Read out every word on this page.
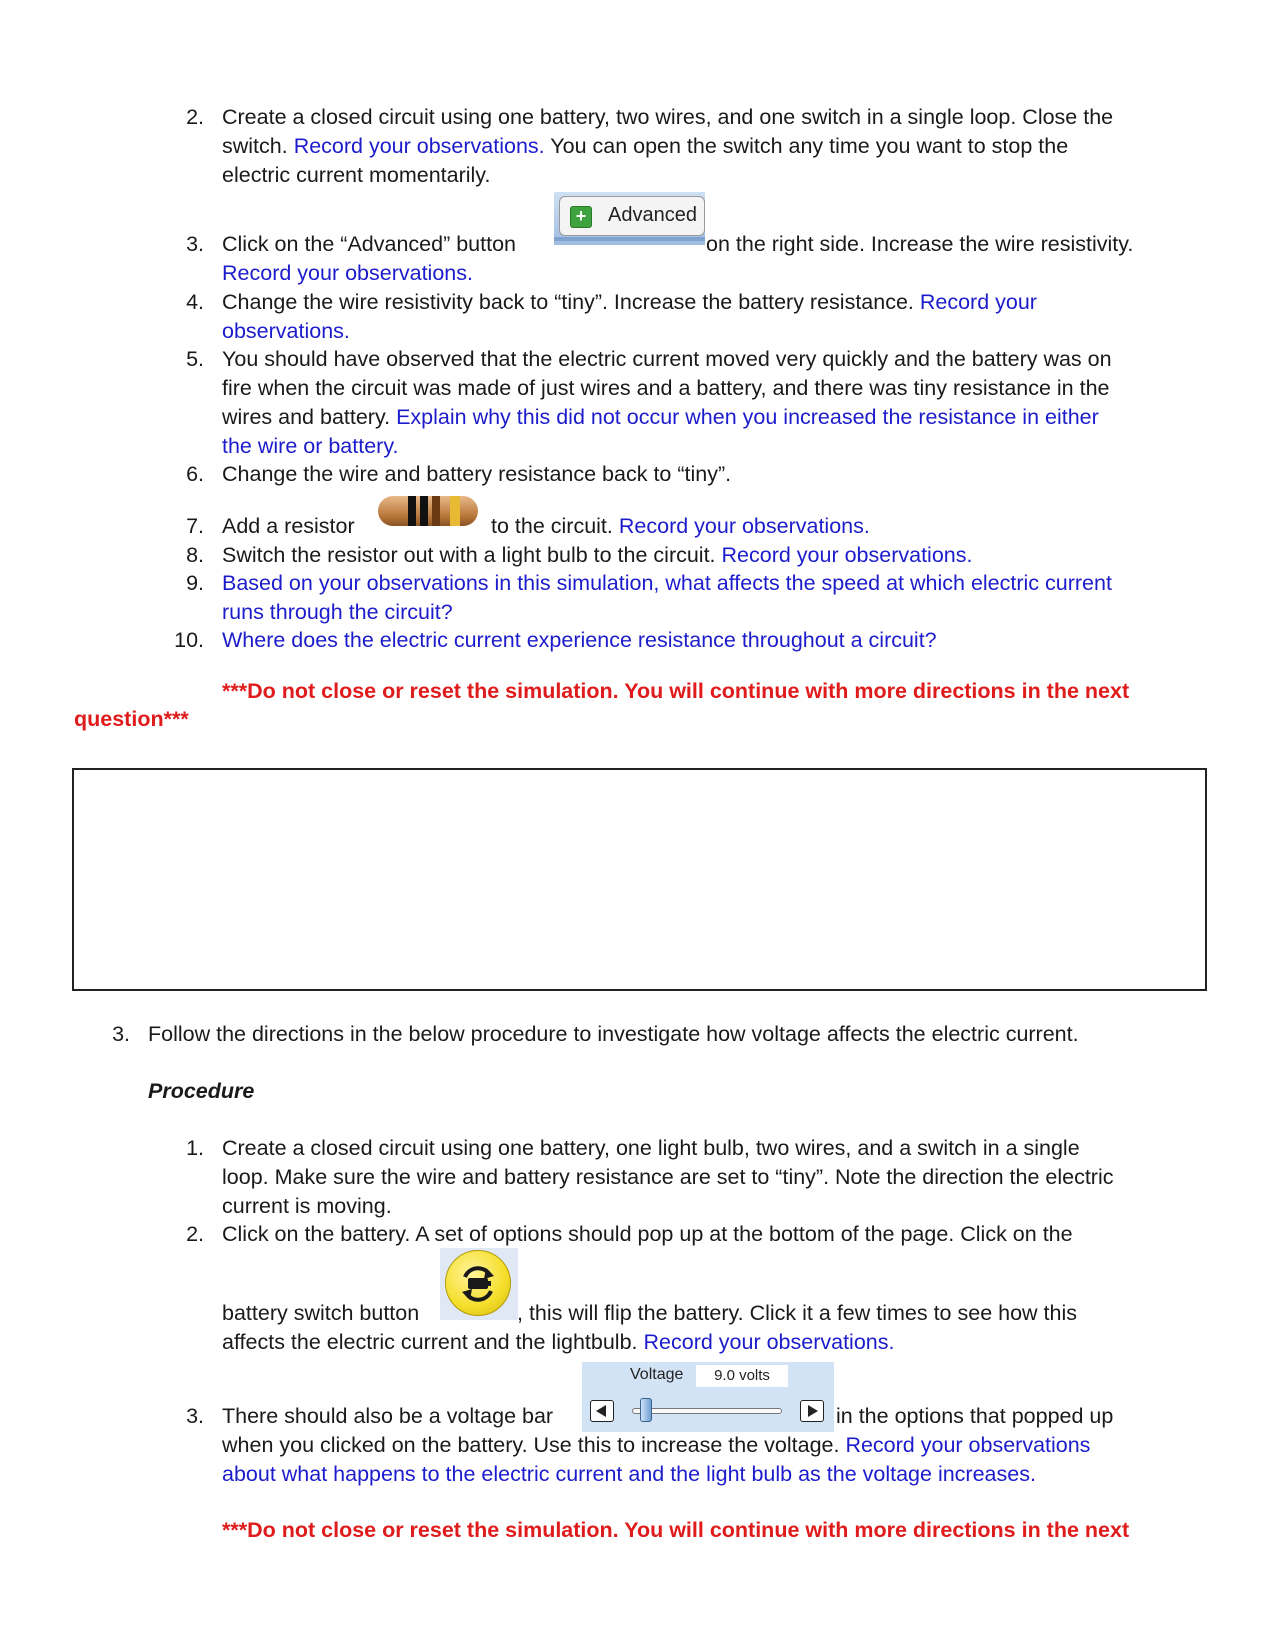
2. Create a closed circuit using one battery, two wires, and one switch in a single loop. Close the
switch. Record your observations. You can open the switch any time you want to stop the
electric current momentarily.
3. Click on the “Advanced” button
Record your observations.
on the right side. Increase the wire resistivity.
4. Change the wire resistivity back to “tiny”. Increase the battery resistance. Record your
observations.
5. You should have observed that the electric current moved very quickly and the battery was on
fire when the circuit was made of just wires and a battery, and there was tiny resistance in the
wires and battery. Explain why this did not occur when you increased the resistance in either
the wire or battery.
6. Change the wire and battery resistance back to “tiny”.
7. Add a resistor	to the circuit. Record your observations.
8. Switch the resistor out with a light bulb to the circuit. Record your observations.
9. Based on your observations in this simulation, what affects the speed at which electric current
runs through the circuit?
10. Where does the electric current experience resistance throughout a circuit?
+ Advanced
***Do not close or reset the simulation. You will continue with more directions in the next
question***
3. Follow the directions in the below procedure to investigate how voltage affects the electric current.
Procedure
1. Create a closed circuit using one battery, one light bulb, two wires, and a switch in a single
loop. Make sure the wire and battery resistance are set to “tiny”. Note the direction the electric
current is moving.
2. Click on the battery. A set of options should pop up at the bottom of the page. Click on the
battery switch button	, this will flip the battery. Click it a few times to see how this
affects the electric current and the lightbulb. Record your observations.
3. There should also be a voltage bar
Voltage	9.0 volts
in the options that popped up
when you clicked on the battery. Use this to increase the voltage. Record your observations
about what happens to the electric current and the light bulb as the voltage increases.
***Do not close or reset the simulation. You will continue with more directions in the next
